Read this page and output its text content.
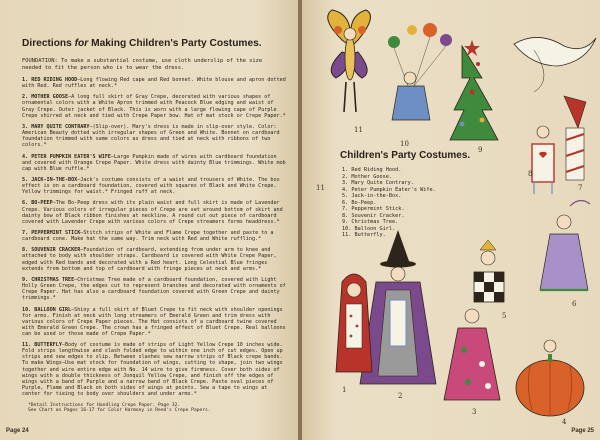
Directions for Making Children's Party Costumes.
FOUNDATION: To make a substantial costume, use cloth underslip of the size needed to fit the person who is to wear the dress.
1. RED RIDING HOOD—Long flowing Red cape and Red bonnet. White blouse and apron dotted with Red. Red ruffles at neck.*
2. MOTHER GOOSE—A long full skirt of Gray Crepe, decorated with various shapes of ornamental colors with a White Apron trimmed with Peacock Blue edging and waist of Gray Crepe. Outer jacket of Black. This is worn with a large flowing cape of Purple Crepe shirred at neck and tied with Crepe Paper bow. Hat of mat stock or Crepe Paper.*
3. MARY QUITE CONTRARY—(Slip-over). Mary's dress is made in slip-over style. Color: American Beauty dotted with irregular shapes of Green and White. Bonnet on cardboard foundation trimmed with same colors as dress and tied at neck with ribbons of two colors.*
4. PETER PUMPKIN EATER'S WIFE—Large Pumpkin made of wires with cardboard foundation and covered with Orange Crepe Paper. White dress with dainty Blue trimmings. White mob cap with Blue ruffle.*
5. JACK-IN-THE-BOX—Jack's costume consists of a waist and trousers of White. The box effect is on a cardboard foundation, covered with squares of Black and White Crepe. Yellow trimmings for waist.* Fringed ruff at neck.
6. BO-PEEP—The Bo-Peep dress with its plain waist and full skirt is made of Lavender Crepe. Various colors of irregular pieces of Crepe are set around bottom of skirt and dainty bow of Black ribbon finishes at neckline. A round cut out piece of cardboard covered with Lavender Crepe with various colors of Crepe streamers forms headdress.*
7. PEPPERMINT STICK—Stitch strips of White and Flame Crepe together and paste to a cardboard cone. Make hat the same way. Trim neck with Red and White ruffling.*
8. SOUVENIR CRACKER—Foundation of cardboard, extending from under arm to knee and attached to body with shoulder straps. Cardboard is covered with White Crepe Paper, edged with Red bands and decorated with a Red heart. Long Celestial Blue fringes extends from bottom and top of cardboard with fringe pieces at neck and arms.*
9. CHRISTMAS TREE—Christmas Tree made of a cardboard foundation, covered with Light Holly Green Crepe, the edges cut to represent branches and decorated with ornaments of Crepe Paper. Hat has also a cardboard foundation covered with Green Crepe and dainty trimmings.*
10. BALLOON GIRL—Shiny a full skirt of Bluet Crepe to fit neck with shoulder openings for arms. Finish at neck with long streamers of Emerald Green and trim dress with various colors of Crepe Paper pieces. The Hat consists of a cardboard twine covered with Emerald Green Crepe. The crown has a fringed effect of Bluet Crepe. Real balloons can be used or those made of Crepe Paper.*
11. BUTTERFLY—Body of costume is made of strips of Light Yellow Crepe 10 inches wide. Fold strips lengthwise and slash folded edge to within one inch of cut edges. Open up strips and sew edges to slip. Between slashes sew narrow strips of Black crepe bands. To make Wings—Use mat stock for foundation of wings, cutting to shape, join two wings together and wire entire edge with No. 14 wire to give firmness. Cover both sides of wings with a double thickness of Jonquil Yellow Crepe, and finish off the edges of wings with a band of Purple and a narrow band of Black Crepe. Paste oval pieces of Purple, Flame and Black on both sides of wings at points. Sew a tape to wings at center for tieing to body over shoulders and under arms.*
*Detail Instructions for Handling Crepe Paper. Page 32.
See Chart on Pages 16-17 for Color Harmony in Reed's Crepe Papers.
Page 24	Page 25
11
10
9
8
7
6
5
4
3
2
1
11
Children's Party Costumes.
1. Red Riding Hood.
2. Mother Goose.
3. Mary Quite Contrary.
4. Peter Pumpkin Eater's Wife.
5. Jack-in-the-Box.
6. Bo-Peep.
7. Peppermint Stick.
8. Souvenir Cracker.
9. Christmas Tree.
10. Balloon Girl.
11. Butterfly.
